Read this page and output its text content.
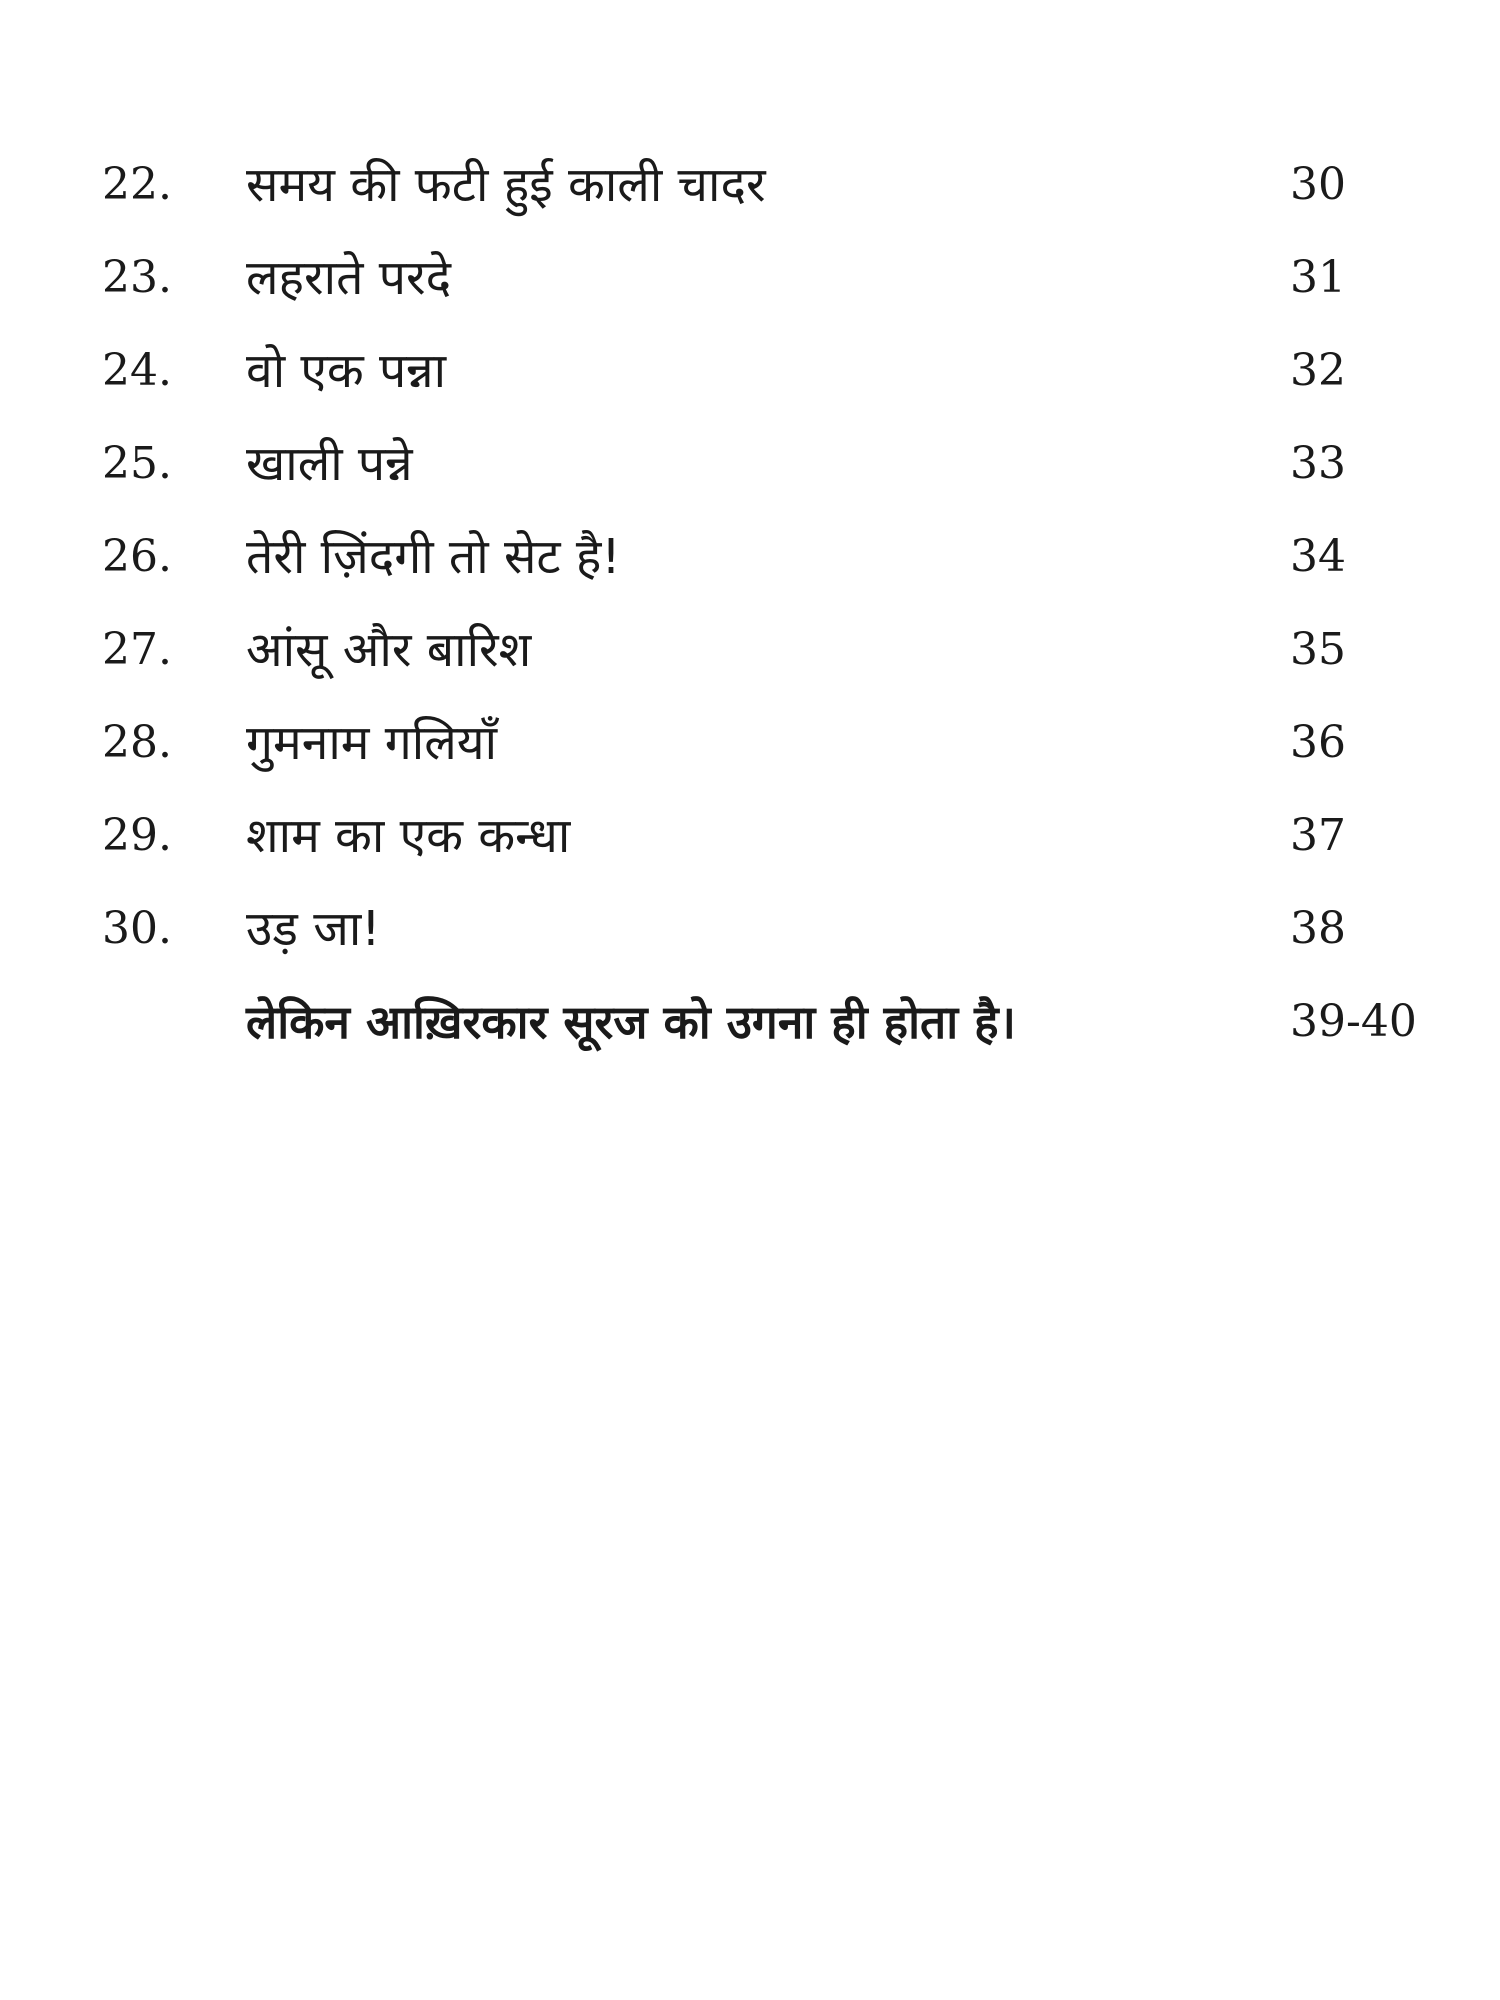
22. समय की फटी हुई काली चादर	30
23. लहराते परदे	31
24. वो एक पन्ना	32
25. खाली पन्ने	33
26. तेरी ज़िंदगी तो सेट है!	34
27. आंसू और बारिश	35
28. गुमनाम गलियाँ	36
29. शाम का एक कन्धा	37
30. उड़ जा!	38
लेकिन आख़िरकार सूरज को उगना ही होता है।	39-40
